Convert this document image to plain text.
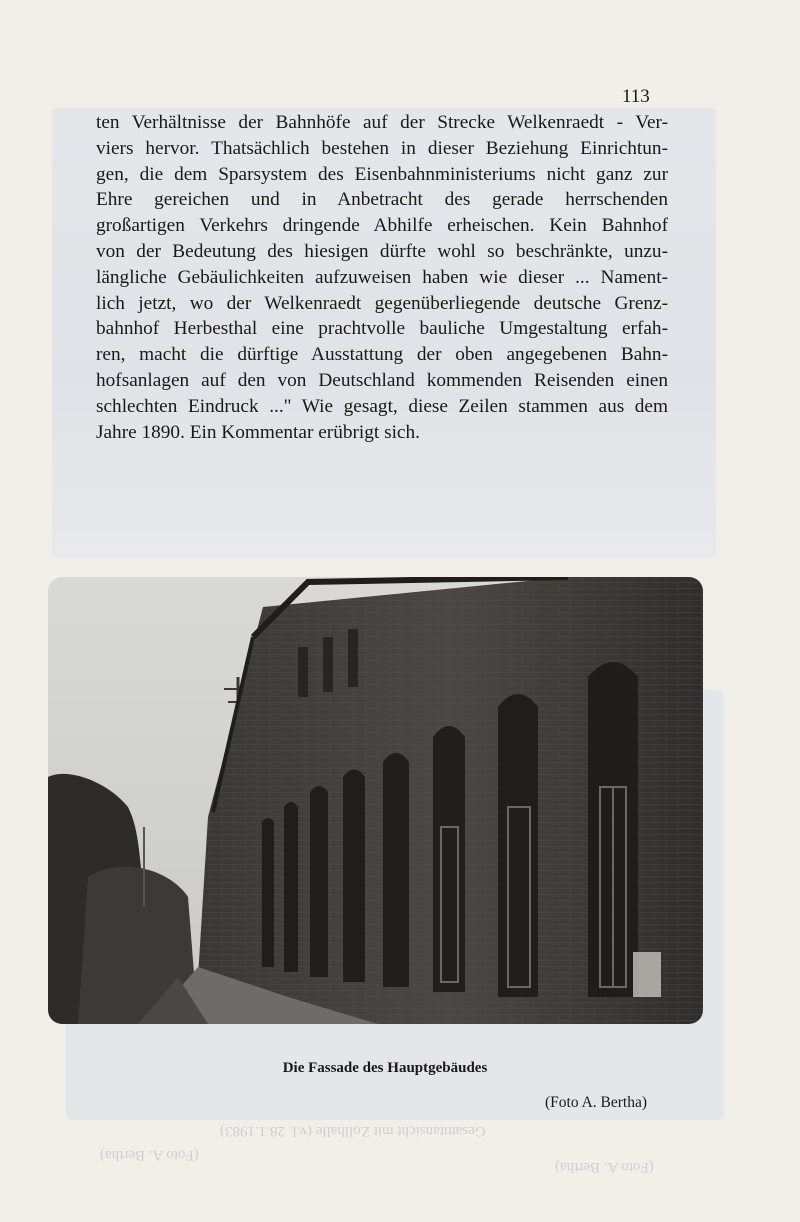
113

ten Verhältnisse der Bahnhöfe auf der Strecke Welkenraedt - Ver-
viers hervor. Thatsächlich bestehen in dieser Beziehung Einrichtun-
gen, die dem Sparsystem des Eisenbahnministeriums nicht ganz zur
Ehre gereichen und in Anbetracht des gerade herrschenden
großartigen Verkehrs dringende Abhilfe erheischen. Kein Bahnhof
von der Bedeutung des hiesigen dürfte wohl so beschränkte, unzu-
längliche Gebäulichkeiten aufzuweisen haben wie dieser ... Nament-
lich jetzt, wo der Welkenraedt gegenüberliegende deutsche Grenz-
bahnhof Herbesthal eine prachtvolle bauliche Umgestaltung erfah-
ren, macht die dürftige Ausstattung der oben angegebenen Bahn-
hofsanlagen auf den von Deutschland kommenden Reisenden einen
schlechten Eindruck ..." Wie gesagt, diese Zeilen stammen aus dem
Jahre 1890. Ein Kommentar erübrigt sich.

Die Fassade des Hauptgebäudes
(Foto A. Bertha)
Gesamtansicht mit Zollhalle (v.l. 28.1.1983)
(Foto A. Bertha)
(Foto A. Bertha)
